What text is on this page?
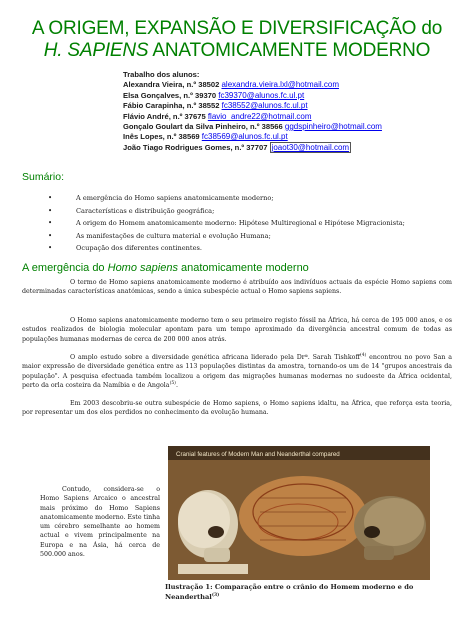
A ORIGEM, EXPANSÃO E DIVERSIFICAÇÃO do
H. SAPIENS ANATOMICAMENTE MODERNO
Trabalho dos alunos:
Alexandra Vieira, n.º 38502 alexandra.vieira.lxl@hotmail.com
Elsa Gonçalves, n.º 39370 fc39370@alunos.fc.ul.pt
Fábio Carapinha, n.º 38552 fc38552@alunos.fc.ul.pt
Flávio André, n.º 37675 flavio_andre22@hotmail.com
Gonçalo Goulart da Silva Pinheiro, n.º 38566 ggdspinheiro@hotmail.com
Inês Lopes, n.º 38569 fc38569@alunos.fc.ul.pt
João Tiago Rodrigues Gomes, n.º 37707 joaot30@hotmail.com
Sumário:
•	A emergência do Homo sapiens anatomicamente moderno;
•	Características e distribuição geográfica;
•	A origem do Homem anatomicamente moderno: Hipótese Multiregional e Hipótese Migracionista;
•	As manifestações de cultura material e evolução Humana;
•	Ocupação dos diferentes continentes.
A emergência do Homo sapiens anatomicamente moderno
O termo de Homo sapiens anatomicamente moderno é atribuído aos indivíduos actuais da espécie Homo sapiens com determinadas características anatómicas, sendo a única subespécie actual o Homo sapiens sapiens.
O Homo sapiens anatomicamente moderno tem o seu primeiro registo fóssil na África, há cerca de 195 000 anos, e os estudos realizados de biologia molecular apontam para um tempo aproximado da divergência ancestral comum de todas as populações humanas modernas de cerca de 200 000 anos atrás.
O amplo estudo sobre a diversidade genética africana liderado pela Drª. Sarah Tishkoff$^{(4)}$ encontrou no povo San a maior expressão de diversidade genética entre as 113 populações distintas da amostra, tornando-os um de 14 "grupos ancestrais da população". A pesquisa efectuada também localizou a origem das migrações humanas modernas no sudoeste da África ocidental, perto da orla costeira da Namíbia e de Angola$^{(5)}$.
Em 2003 descobriu-se outra subespécie de Homo sapiens, o Homo sapiens idaltu, na África, que reforça esta teoria, por representar um dos elos perdidos no conhecimento da evolução humana.
Contudo, considera-se o Homo Sapiens Arcaico o ancestral mais próximo do Homo Sapiens anatomicamente moderno. Este tinha um cérebro semelhante ao homem actual e vivem principalmente na Europa e na Ásia, há cerca de 500.000 anos.
Cranial features of Modern Man and Neanderthal compared
Ilustração 1: Comparação entre o crânio do Homem moderno e do Neanderthal$^{(3)}$
